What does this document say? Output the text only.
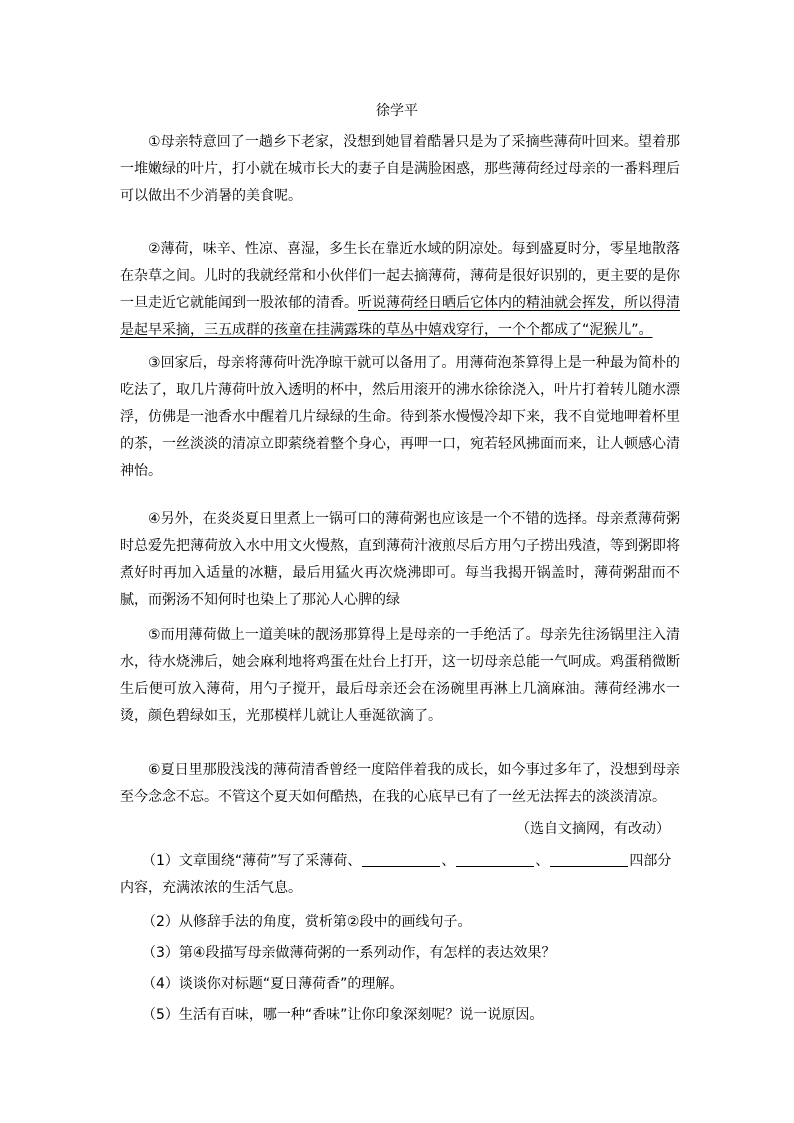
徐学平

①母亲特意回了一趟乡下老家，没想到她冒着酷暑只是为了采摘些薄荷叶回来。望着那一堆嫩绿的叶片，打小就在城市长大的妻子自是满脸困惑，那些薄荷经过母亲的一番料理后可以做出不少消暑的美食呢。

②薄荷，味辛、性凉、喜湿，多生长在靠近水域的阴凉处。每到盛夏时分，零星地散落在杂草之间。儿时的我就经常和小伙伴们一起去摘薄荷，薄荷是很好识别的，更主要的是你一旦走近它就能闻到一股浓郁的清香。听说薄荷经日晒后它体内的精油就会挥发，所以得清是起早采摘，三五成群的孩童在挂满露珠的草丛中嬉戏穿行，一个个都成了“泥猴儿”。

③回家后，母亲将薄荷叶洗净晾干就可以备用了。用薄荷泡茶算得上是一种最为简朴的吃法了，取几片薄荷叶放入透明的杯中，然后用滚开的沸水徐徐浇入，叶片打着转儿随水漂浮，仿佛是一池香水中醒着几片绿绿的生命。待到茶水慢慢冷却下来，我不自觉地呷着杯里的茶，一丝淡淡的清凉立即萦绕着整个身心，再呷一口，宛若轻风拂面而来，让人顿感心清神怡。

④另外，在炎炎夏日里煮上一锅可口的薄荷粥也应该是一个不错的选择。母亲煮薄荷粥时总爱先把薄荷放入水中用文火慢熬，直到薄荷汁液煎尽后方用勺子捞出残渣，等到粥即将煮好时再加入适量的冰糖，最后用猛火再次烧沸即可。每当我揭开锅盖时，薄荷粥甜而不腻，而粥汤不知何时也染上了那沁人心脾的绿

⑤而用薄荷做上一道美味的靓汤那算得上是母亲的一手绝活了。母亲先往汤锅里注入清水，待水烧沸后，她会麻利地将鸡蛋在灶台上打开，这一切母亲总能一气呵成。鸡蛋稍微断生后便可放入薄荷，用勺子搅开，最后母亲还会在汤碗里再淋上几滴麻油。薄荷经沸水一烫，颜色碧绿如玉，光那模样儿就让人垂涎欲滴了。

⑥夏日里那股浅浅的薄荷清香曾经一度陪伴着我的成长，如今事过多年了，没想到母亲至今念念不忘。不管这个夏天如何酷热，在我的心底早已有了一丝无法挥去的淡淡清凉。

（选自文摘网，有改动）

（1）文章围绕“薄荷”写了采薄荷、	、	、	四部分内容，充满浓浓的生活气息。

（2）从修辞手法的角度，赏析第②段中的画线句子。

（3）第④段描写母亲做薄荷粥的一系列动作，有怎样的表达效果？

（4）谈谈你对标题“夏日薄荷香”的理解。

（5）生活有百味，哪一种“香味”让你印象深刻呢？说一说原因。
